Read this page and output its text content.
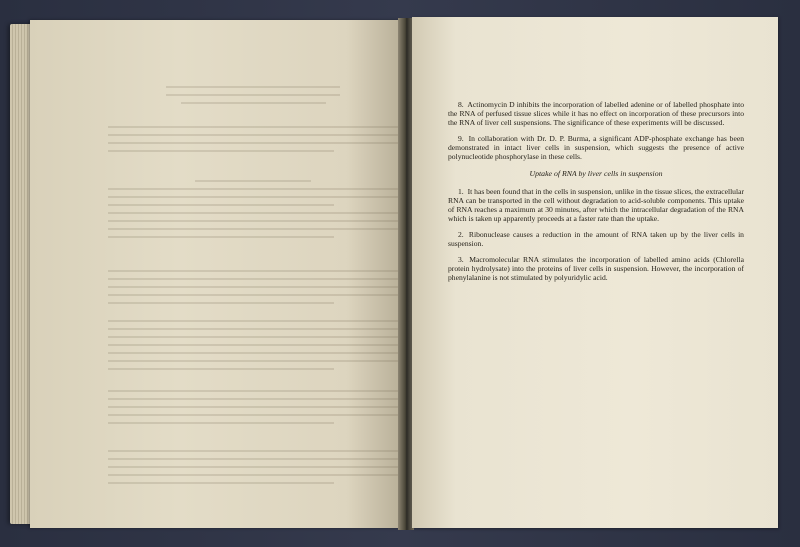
8. Actinomycin D inhibits the incorporation of labelled adenine or of labelled phosphate into the RNA of perfused tissue slices while it has no effect on incorporation of these precursors into the RNA of liver cell suspensions. The significance of these experiments will be discussed.

9. In collaboration with Dr. D. P. Burma, a significant ADP-phosphate exchange has been demonstrated in intact liver cells in suspension, which suggests the presence of active polynucleotide phosphorylase in these cells.

Uptake of RNA by liver cells in suspension

1. It has been found that in the cells in suspension, unlike in the tissue slices, the extracellular RNA can be transported in the cell without degradation to acid-soluble components. This uptake of RNA reaches a maximum at 30 minutes, after which the intracellular degradation of the RNA which is taken up apparently proceeds at a faster rate than the uptake.

2. Ribonuclease causes a reduction in the amount of RNA taken up by the liver cells in suspension.

3. Macromolecular RNA stimulates the incorporation of labelled amino acids (Chlorella protein hydrolysate) into the proteins of liver cells in suspension. However, the incorporation of phenylalanine is not stimulated by polyuridylic acid.
